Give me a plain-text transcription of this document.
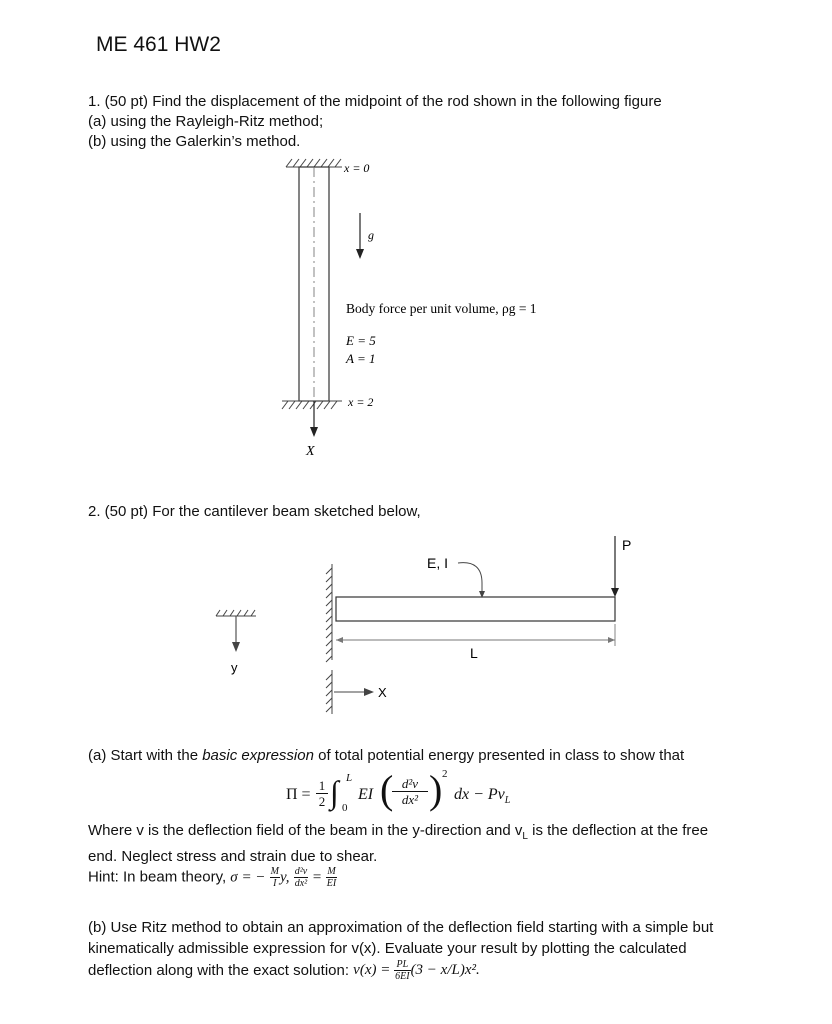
ME 461 HW2
1. (50 pt) Find the displacement of the midpoint of the rod shown in the following figure
(a) using the Rayleigh-Ritz method;
(b) using the Galerkin’s method.
x = 0
g
Body force per unit volume, ρg = 1
E = 5
A = 1
x = 2
X
2. (50 pt) For the cantilever beam sketched below,
y
E, I
P
L
X
(a) Start with the basic expression of total potential energy presented in class to show that
Π =
1
2 ∫ L
0
EI ( d²v
dx² ) 2
dx − $Pv_L$
Where v is the deflection field of the beam in the y-direction and $v_L$ is the deflection at the free
end. Neglect stress and strain due to shear.
Hint: In beam theory, σ = − $\frac{M}{I} y$, $\frac{\text{d²v}}{\text{dx²}} = \frac{M}{EI}$
(b) Use Ritz method to obtain an approximation of the deflection field starting with a simple but
kinematically admissible expression for v(x). Evaluate your result by plotting the calculated
deflection along with the exact solution: $v(x) = \frac{PL}{6EI} (3 - x/L)x^2$.
